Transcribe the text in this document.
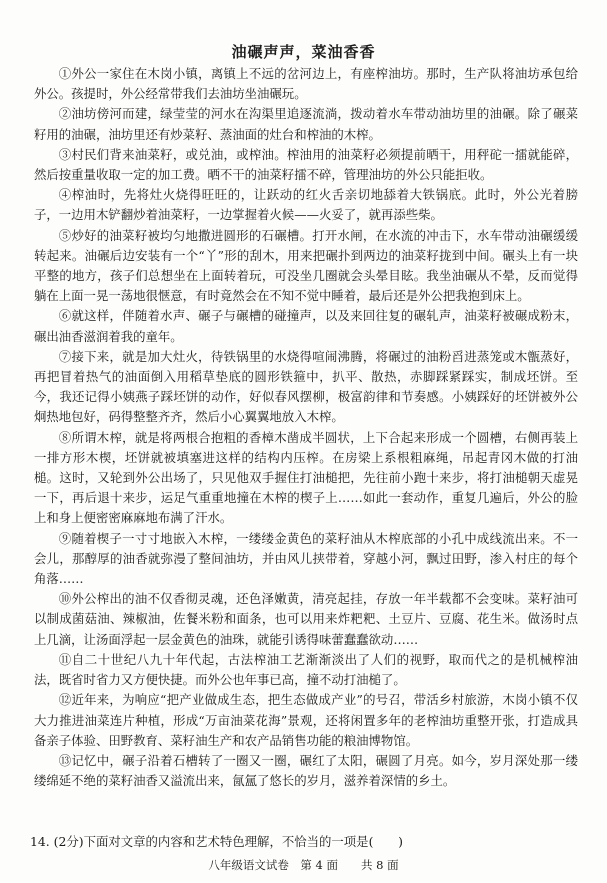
油碾声声，菜油香香

①外公一家住在木岗小镇，离镇上不远的岔河边上，有座榨油坊。那时，生产队将油坊承包给外公。孩提时，外公经常带我们去油坊坐油碾玩。

②油坊傍河而建，绿莹莹的河水在沟渠里追逐流淌，拨动着水车带动油坊里的油碾。除了碾菜籽用的油碾，油坊里还有炒菜籽、蒸油面的灶台和榨油的木榨。

③村民们背来油菜籽，或兑油，或榨油。榨油用的油菜籽必须提前晒干，用秤砣一擂就能碎，然后按重量收取一定的加工费。晒不干的油菜籽擂不碎，管理油坊的外公只能拒收。

④榨油时，先将灶火烧得旺旺的，让跃动的红火舌亲切地舔着大铁锅底。此时，外公光着膀子，一边用木铲翻炒着油菜籽，一边掌握着火候——火妥了，就再添些柴。

⑤炒好的油菜籽被均匀地撒进圆形的石碾槽。打开水闸，在水流的冲击下，水车带动油碾缓缓转起来。油碾后边安装有一个“丫”形的刮木，用来把碾扑到两边的油菜籽拢到中间。碾头上有一块平整的地方，孩子们总想坐在上面转着玩，可没坐几圈就会头晕目眩。我坐油碾从不晕，反而觉得躺在上面一晃一荡地很惬意，有时竟然会在不知不觉中睡着，最后还是外公把我抱到床上。

⑥就这样，伴随着水声、碾子与碾槽的碰撞声，以及来回往复的碾轧声，油菜籽被碾成粉末，碾出油香滋润着我的童年。

⑦接下来，就是加大灶火，待铁锅里的水烧得喧闹沸腾，将碾过的油粉舀进蒸笼或木甑蒸好，再把冒着热气的油面倒入用稻草垫底的圆形铁箍中，扒平、散热，赤脚踩紧踩实，制成坯饼。至今，我还记得小姨燕子踩坯饼的动作，好似春风摆柳，极富韵律和节奏感。小姨踩好的坯饼被外公炯热地包好，码得整整齐齐，然后小心翼翼地放入木榨。

⑧所谓木榨，就是将两根合抱粗的香樟木凿成半圆状，上下合起来形成一个圆槽，右侧再装上一排方形木楔，坯饼就被填塞进这样的结构内压榨。在房梁上系根粗麻绳，吊起青冈木做的打油槌。这时，又轮到外公出场了，只见他双手握住打油槌把，先往前小跑十来步，将打油槌朝天虚晃一下，再后退十来步，运足气重重地撞在木榨的楔子上……如此一套动作，重复几遍后，外公的脸上和身上便密密麻麻地布满了汗水。

⑨随着楔子一寸寸地嵌入木榨，一缕缕金黄色的菜籽油从木榨底部的小孔中成线流出来。不一会儿，那醇厚的油香就弥漫了整间油坊，并由风儿挟带着，穿越小河，飘过田野，渗入村庄的每个角落……

⑩外公榨出的油不仅香彻灵魂，还色泽嫩黄，清亮起挂，存放一年半载都不会变味。菜籽油可以制成菌菇油、辣椒油，佐餐米粉和面条，也可以用来炸粑粑、土豆片、豆腐、花生米。做汤时点上几滴，让汤面浮起一层金黄色的油珠，就能引诱得味蕾蠢蠢欲动……

⑪自二十世纪八九十年代起，古法榨油工艺渐渐淡出了人们的视野，取而代之的是机械榨油法，既省时省力又方便快捷。而外公也年事已高，撞不动打油槌了。

⑫近年来，为响应“把产业做成生态，把生态做成产业”的号召，带活乡村旅游，木岗小镇不仅大力推进油菜连片种植，形成“万亩油菜花海”景观，还将闲置多年的老榨油坊重整开张，打造成具备亲子体验、田野教育、菜籽油生产和农产品销售功能的粮油博物馆。

⑬记忆中，碾子沿着石槽转了一圈又一圈，碾红了太阳，碾圆了月亮。如今，岁月深处那一缕缕绵延不绝的菜籽油香又溢流出来，氤氲了悠长的岁月，滋养着深情的乡土。

14. (2分)下面对文章的内容和艺术特色理解，不恰当的一项是(　　)
八年级语文试卷　第 4 面　　共 8 面
